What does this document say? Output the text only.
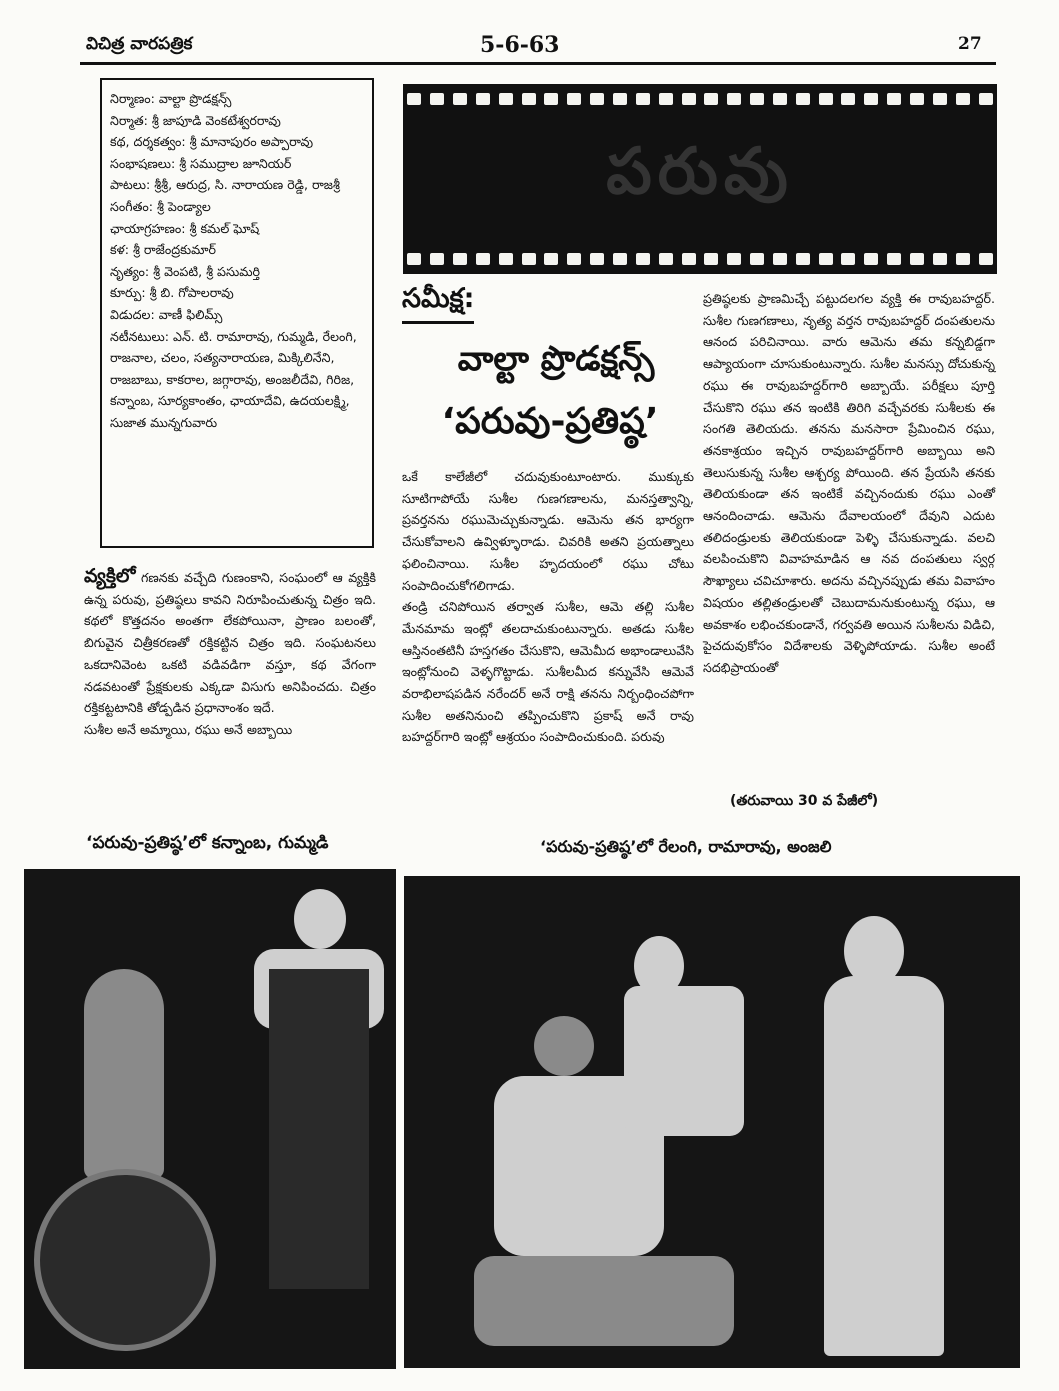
విచిత్ర వారపత్రిక	5-6-63	27
నిర్మాణం: వాల్టా ప్రొడక్షన్స్
నిర్మాత: శ్రీ జాపూడి వెంకటేశ్వరరావు
కథ, దర్శకత్వం: శ్రీ మానాపురం అప్పారావు
సంభాషణలు: శ్రీ సముద్రాల జూనియర్
పాటలు: శ్రీశ్రీ, ఆరుద్ర, సి. నారాయణ రెడ్డి, రాజశ్రీ
సంగీతం: శ్రీ పెండ్యాల
ఛాయాగ్రహణం: శ్రీ కమల్ ఘోష్
కళ: శ్రీ రాజేంద్రకుమార్
నృత్యం: శ్రీ వెంపటి, శ్రీ పసుమర్తి
కూర్పు: శ్రీ బి. గోపాలరావు
విడుదల: వాణీ ఫిలిమ్స్
నటీనటులు: ఎన్. టి. రామారావు, గుమ్మడి, రేలంగి, రాజనాల, చలం, సత్యనారాయణ, మిక్కిలినేని, రాజబాబు, కాకరాల, జగ్గారావు, అంజలీదేవి, గిరిజ, కన్నాంబ, సూర్యకాంతం, ఛాయాదేవి, ఉదయలక్ష్మి, సుజాత మున్నగువారు
పరువు
సమీక్ష:
వాల్టా ప్రొడక్షన్స్
‘పరువు-ప్రతిష్ఠ’
వ్యక్తిలో గణనకు వచ్చేది గుణంకాని, సంఘంలో ఆ వ్యక్తికి ఉన్న పరువు, ప్రతిష్ఠలు కావని నిరూపించుతున్న చిత్రం ఇది. కథలో కొత్తదనం అంతగా లేకపోయినా, ప్రాణం బలంతో, బిగువైన చిత్రీకరణతో రక్తికట్టిన చిత్రం ఇది. సంఘటనలు ఒకదానివెంట ఒకటి వడివడిగా వస్తూ, కథ వేగంగా నడవటంతో ప్రేక్షకులకు ఎక్కడా విసుగు అనిపించదు. చిత్రం రక్తికట్టటానికి తోడ్పడిన ప్రధానాంశం ఇదే.
సుశీల అనే అమ్మాయి, రఘు అనే అబ్బాయి
ఒకే కాలేజీలో చదువుకుంటూంటారు. ముక్కుకు సూటిగాపోయే సుశీల గుణగణాలను, మనస్తత్వాన్ని, ప్రవర్తనను రఘుమెచ్చుకున్నాడు. ఆమెను తన భార్యగా చేసుకోవాలని ఉవ్విళ్ళూరాడు. చివరికి అతని ప్రయత్నాలు ఫలించినాయి. సుశీల హృదయంలో రఘు చోటు సంపాదించుకోగలిగాడు.
తండ్రి చనిపోయిన తర్వాత సుశీల, ఆమె తల్లి సుశీల మేనమామ ఇంట్లో తలదాచుకుంటున్నారు. అతడు సుశీల ఆస్తినంతటినీ హస్తగతం చేసుకొని, ఆమెమీద అభాండాలువేసి ఇంట్లోనుంచి వెళ్ళగొట్టాడు. సుశీలమీద కన్నువేసి ఆమెవే వరాభిలాషపడిన నరేందర్ అనే రాక్షి తనను నిర్బంధించపోగా సుశీల అతనినుంచి తప్పించుకొని ప్రకాష్ అనే రావు బహద్దర్‌గారి ఇంట్లో ఆశ్రయం సంపాదించుకుంది. పరువు
ప్రతిష్ఠలకు ప్రాణమిచ్చే పట్టుదలగల వ్యక్తి ఈ రావుబహద్దర్. సుశీల గుణగణాలు, నృత్య వర్తన రావుబహద్దర్ దంపతులను ఆనంద పరిచినాయి. వారు ఆమెను తమ కన్నబిడ్డగా ఆప్యాయంగా చూసుకుంటున్నారు. సుశీల మనస్సు దోచుకున్న రఘు ఈ రావుబహద్దర్‌గారి అబ్బాయే. పరీక్షలు పూర్తి చేసుకొని రఘు తన ఇంటికి తిరిగి వచ్చేవరకు సుశీలకు ఈ సంగతి తెలియదు. తనను మనసారా ప్రేమించిన రఘు, తనకాశ్రయం ఇచ్చిన రావుబహద్దర్‌గారి అబ్బాయి అని తెలుసుకున్న సుశీల ఆశ్చర్య పోయింది. తన ప్రేయసి తనకు తెలియకుండా తన ఇంటికే వచ్చినందుకు రఘు ఎంతో ఆనందించాడు. ఆమెను దేవాలయంలో దేవుని ఎదుట తలిదండ్రులకు తెలియకుండా పెళ్ళి చేసుకున్నాడు. వలచి వలపించుకొని వివాహమాడిన ఆ నవ దంపతులు స్వర్గ సౌఖ్యాలు చవిచూశారు. అదను వచ్చినప్పుడు తమ వివాహం విషయం తల్లితండ్రులతో చెబుదామనుకుంటున్న రఘు, ఆ అవకాశం లభించకుండానే, గర్వవతి అయిన సుశీలను విడిచి, పైచదువుకోసం విదేశాలకు వెళ్ళిపోయాడు. సుశీల అంటే సదభిప్రాయంతో
(తరువాయి 30 వ పేజీలో)
‘పరువు-ప్రతిష్ఠ’లో కన్నాంబ, గుమ్మడి	‘పరువు-ప్రతిష్ఠ’లో రేలంగి, రామారావు, అంజలి
